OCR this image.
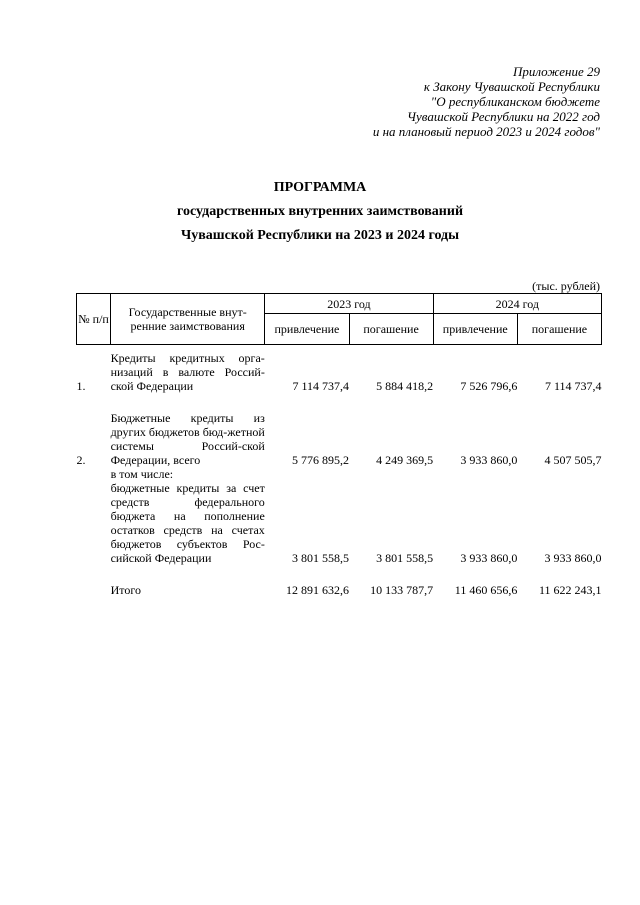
Приложение 29
к Закону Чувашской Республики
"О республиканском бюджете
Чувашской Республики на 2022 год
и на плановый период 2023 и 2024 годов"
ПРОГРАММА
государственных внутренних заимствований
Чувашской Республики на 2023 и 2024 годы
(тыс. рублей)
№ п/п	Государственные внут-ренние заимствования	2023 год		2024 год	
		привлечение	погашение	привлечение	погашение

1.	Кредиты кредитных орга-низаций в валюте Россий-ской Федерации	7 114 737,4	5 884 418,2	7 526 796,6	7 114 737,4

2.	Бюджетные кредиты из других бюджетов бюд-жетной системы Россий-ской Федерации, всего	5 776 895,2	4 249 369,5	3 933 860,0	4 507 505,7
	в том числе:				
	бюджетные кредиты за счет средств федерального бюджета на пополнение остатков средств на счетах бюджетов субъектов Рос-сийской Федерации	3 801 558,5	3 801 558,5	3 933 860,0	3 933 860,0

	Итого	12 891 632,6	10 133 787,7	11 460 656,6	11 622 243,1
